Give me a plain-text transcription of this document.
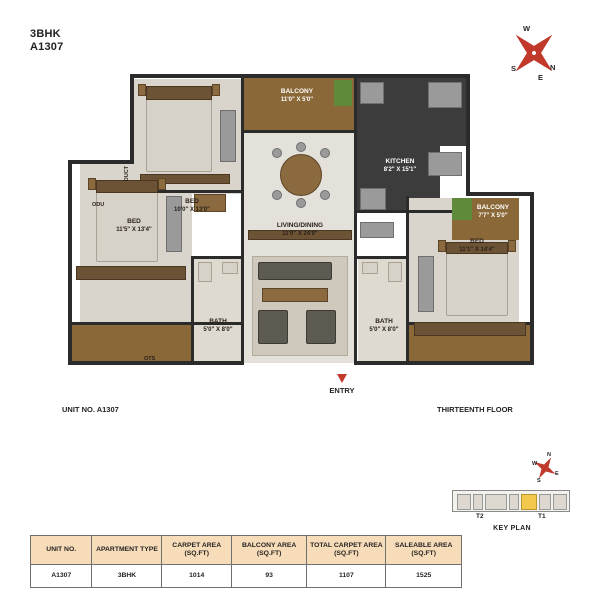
3BHK
A1307
N
E
S
W
BED
10'0" X 13'0"
BED
11'5" X 13'4"
BED
11'1" X 14'4"
BALCONY
11'0" X 5'0"
BALCONY
7'7" X 5'0"
KITCHEN
8'2" X 15'1"
LIVING/DINING
11'0" X 24'9"
BATH
5'0" X 8'0"
BATH
5'0" X 8'0"
ODU
OTS
DUCT
UNIT NO. A1307	THIRTEENTH FLOOR
ENTRY
E
W
N
S
T2	T1
KEY PLAN
UNIT NO.	APARTMENT TYPE	CARPET AREA (SQ.FT)	BALCONY AREA (SQ.FT)	TOTAL CARPET AREA (SQ.FT)	SALEABLE AREA (SQ.FT)
A1307	3BHK	1014	93	1107	1525
